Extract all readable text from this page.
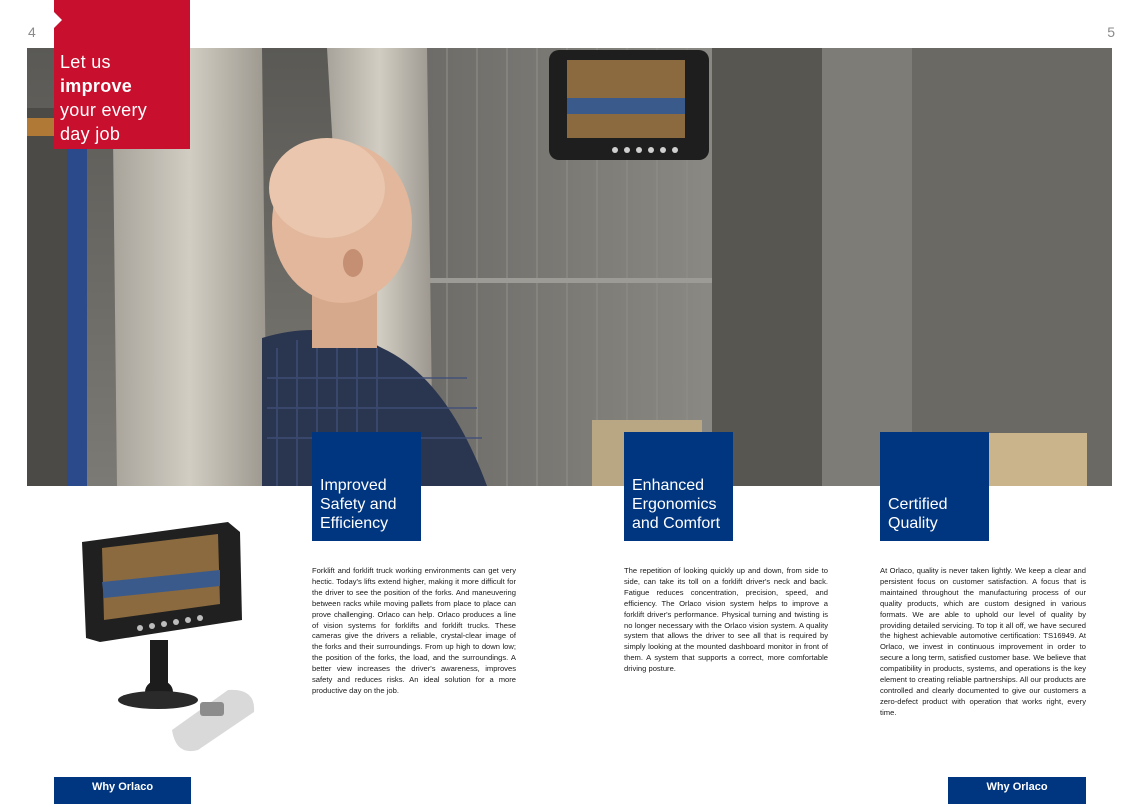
4	5
Let us
improve
your every
day job
Improved
Safety and
Efficiency
Forklift and forklift truck working environments can get very hectic. Today's lifts extend higher, making it more difficult for the driver to see the position of the forks. And maneuvering between racks while moving pallets from place to place can prove challenging. Orlaco can help. Orlaco produces a line of vision systems for forklifts and forklift trucks. These cameras give the drivers a reliable, crystal-clear image of the forks and their surroundings. From up high to down low; the position of the forks, the load, and the surroundings. A better view increases the driver's awareness, improves safety and reduces risks. An ideal solution for a more productive day on the job.
Enhanced
Ergonomics
and Comfort
The repetition of looking quickly up and down, from side to side, can take its toll on a forklift driver's neck and back. Fatigue reduces concentration, precision, speed, and efficiency. The Orlaco vision system helps to improve a forklift driver's performance. Physical turning and twisting is no longer necessary with the Orlaco vision system. A quality system that allows the driver to see all that is required by simply looking at the mounted dashboard monitor in front of them. A system that supports a correct, more comfortable driving posture.
Certified
Quality
At Orlaco, quality is never taken lightly. We keep a clear and persistent focus on customer satisfaction. A focus that is maintained throughout the manufacturing process of our quality products, which are custom designed in various formats. We are able to uphold our level of quality by providing detailed servicing. To top it all off, we have secured the highest achievable automotive certification: TS16949. At Orlaco, we invest in continuous improvement in order to secure a long term, satisfied customer base. We believe that compatibility in products, systems, and operations is the key element to creating reliable partnerships. All our products are controlled and clearly documented to give our customers a zero-defect product with operation that works right, every time.
Why Orlaco	Why Orlaco
